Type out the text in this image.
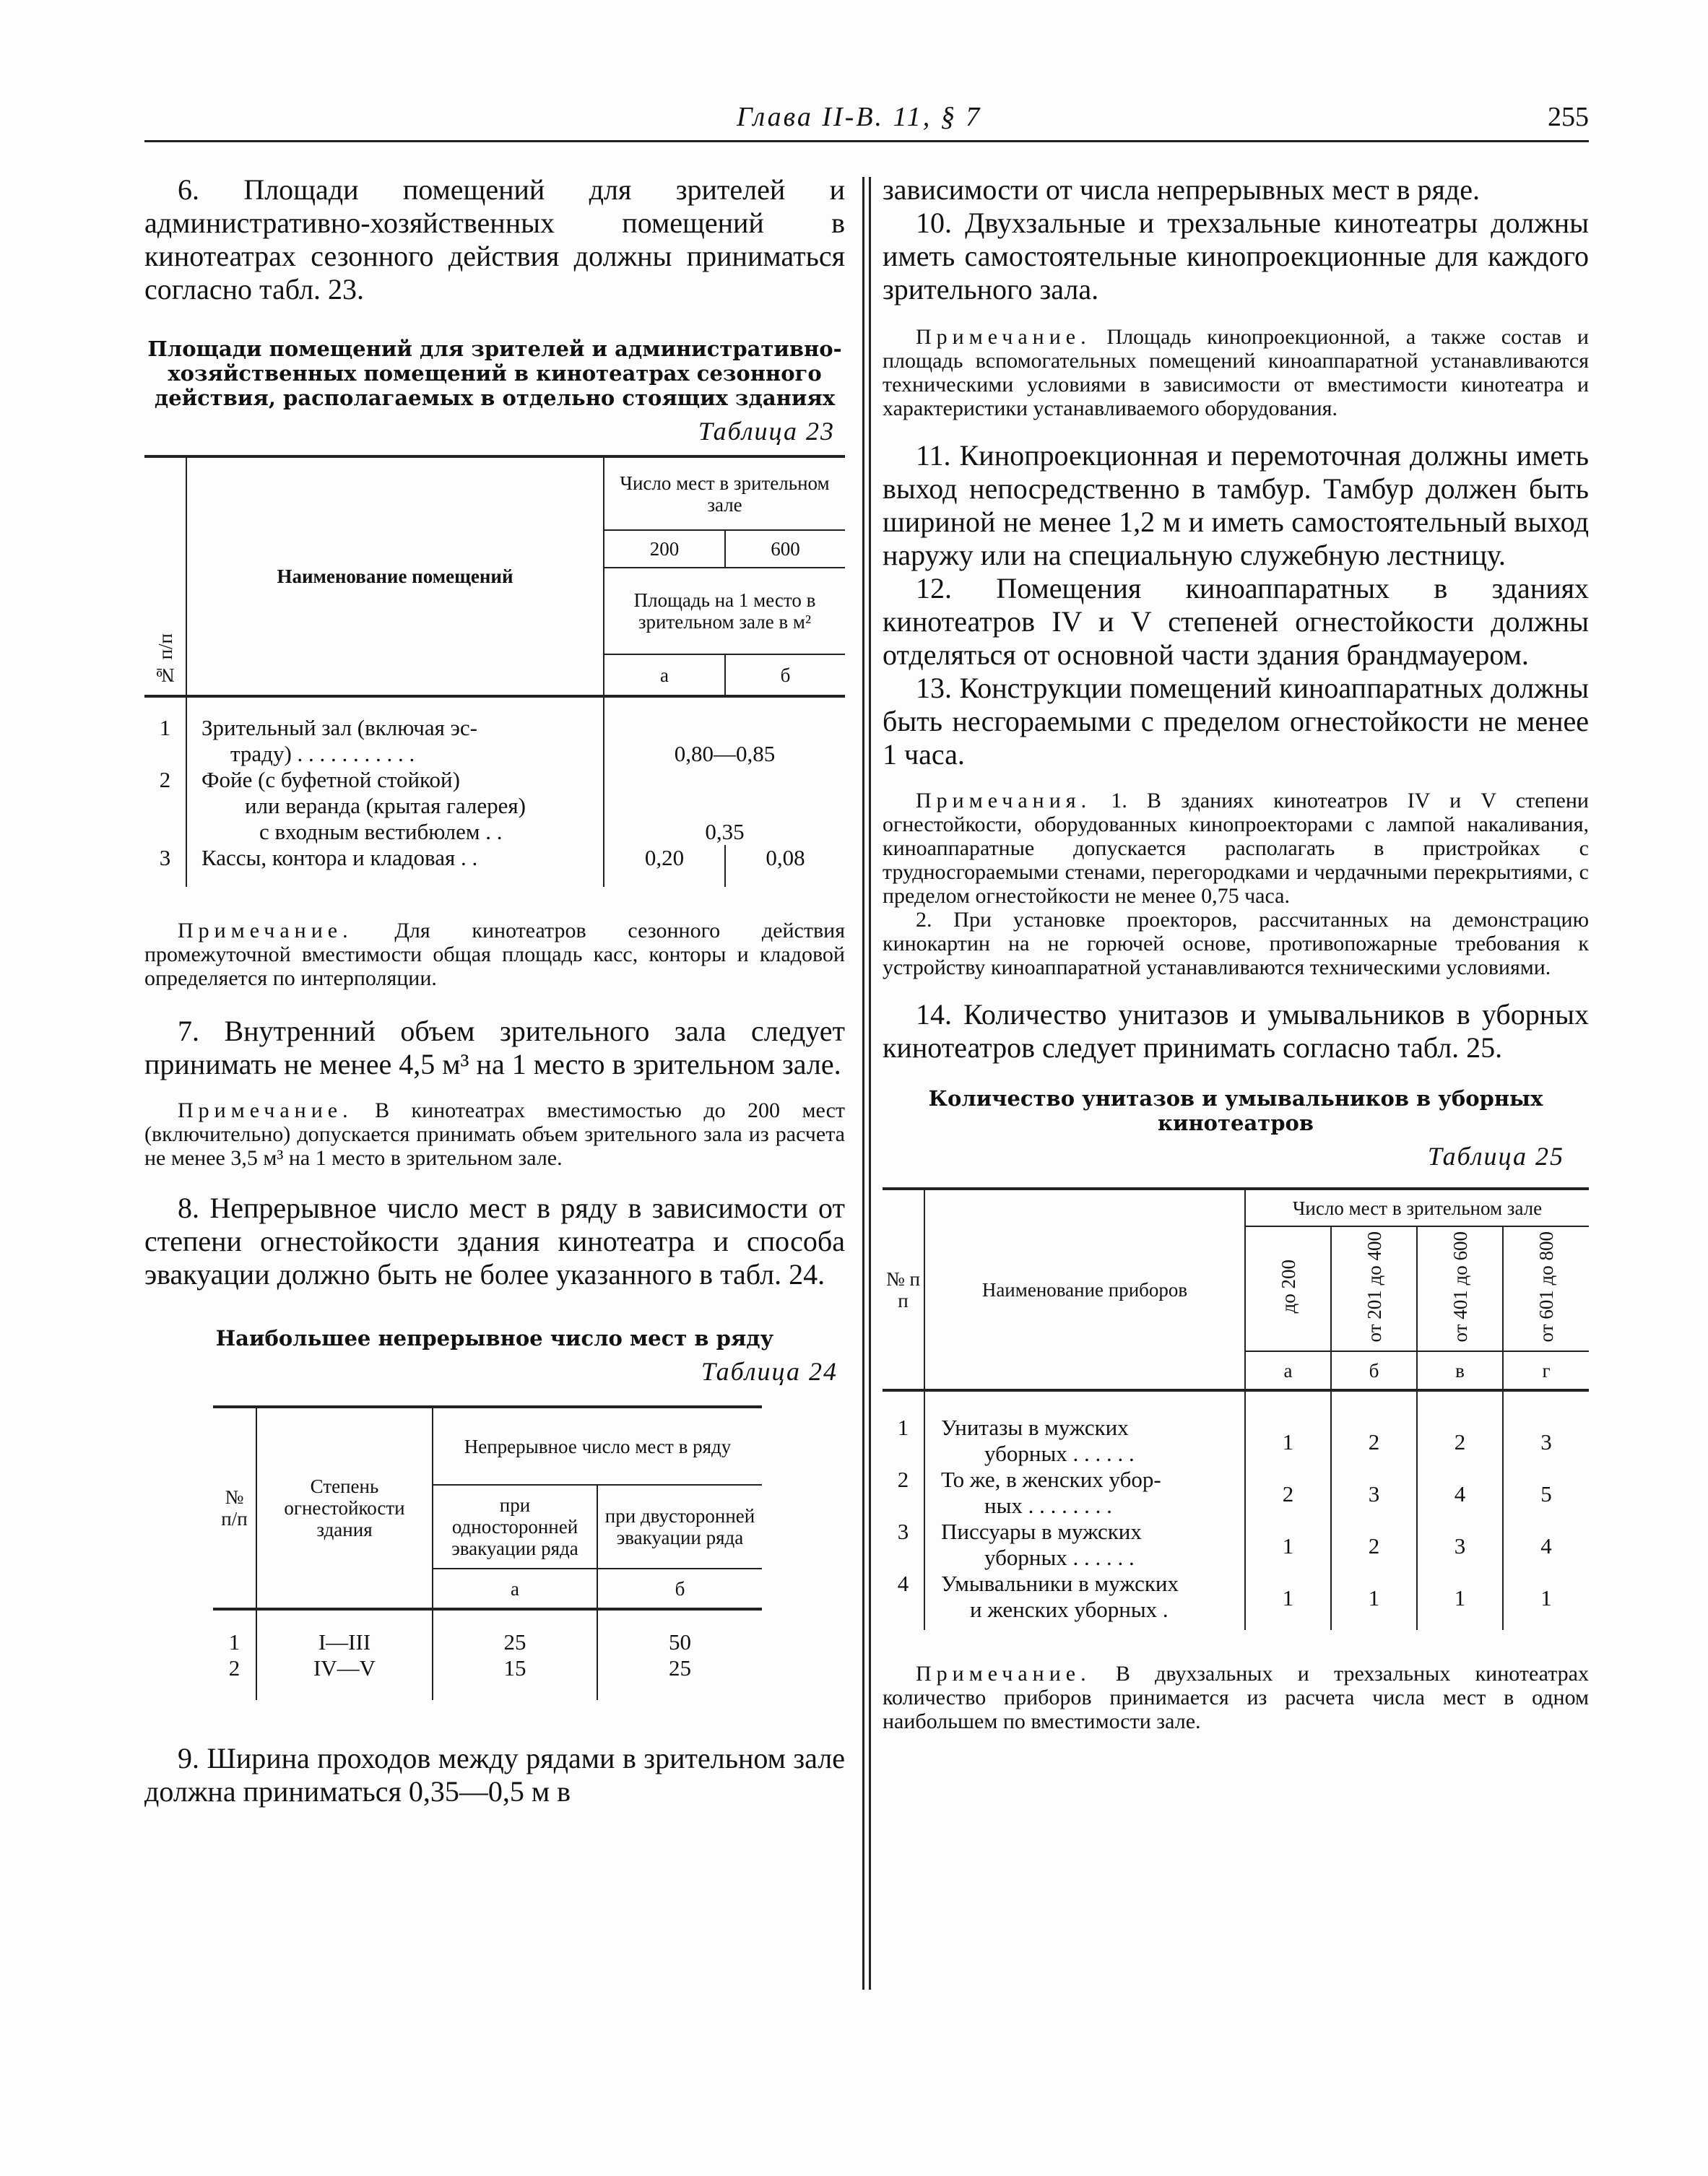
Глава II-В. 11, § 7	255

6. Площади помещений для зрителей и административно-хозяйственных помещений в кинотеатрах сезонного действия должны приниматься согласно табл. 23.

Площади помещений для зрителей и административно-хозяйственных помещений в кинотеатрах сезонного действия, располагаемых в отдельно стоящих зданиях

Таблица 23

№ п/п	Наименование помещений	Число мест в зрительном зале	
		200	600
		Площадь на 1 место в зрительном зале в м²	
		а	б

1	Зрительный зал (включая эс-
траду) . . . . . . . . . . .	0,80—0,85	
2	Фойе (с буфетной стойкой)
или веранда (крытая галерея)
с входным вестибюлем . .	0,35	
3	Кассы, контора и кладовая . .	0,20	0,08

Примечание. Для кинотеатров сезонного действия промежуточной вместимости общая площадь касс, конторы и кладовой определяется по интерполяции.

7. Внутренний объем зрительного зала следует принимать не менее 4,5 м³ на 1 место в зрительном зале.

Примечание. В кинотеатрах вместимостью до 200 мест (включительно) допускается принимать объем зрительного зала из расчета не менее 3,5 м³ на 1 место в зрительном зале.

8. Непрерывное число мест в ряду в зависимости от степени огнестойкости здания кинотеатра и способа эвакуации должно быть не более указанного в табл. 24.

Наибольшее непрерывное число мест в ряду

Таблица 24

№ п/п	Степень огнестойкости здания	Непрерывное число мест в ряду	
		при односторонней эвакуации ряда	при двусторонней эвакуации ряда
		а	б

1	I—III	25	50
2	IV—V	15	25

9. Ширина проходов между рядами в зрительном зале должна приниматься 0,35—0,5 м в

зависимости от числа непрерывных мест в ряде.

10. Двухзальные и трехзальные кинотеатры должны иметь самостоятельные кинопроекционные для каждого зрительного зала.

Примечание. Площадь кинопроекционной, а также состав и площадь вспомогательных помещений киноаппаратной устанавливаются техническими условиями в зависимости от вместимости кинотеатра и характеристики устанавливаемого оборудования.

11. Кинопроекционная и перемоточная должны иметь выход непосредственно в тамбур. Тамбур должен быть шириной не менее 1,2 м и иметь самостоятельный выход наружу или на специальную служебную лестницу.

12. Помещения киноаппаратных в зданиях кинотеатров IV и V степеней огнестойкости должны отделяться от основной части здания брандмауером.

13. Конструкции помещений киноаппаратных должны быть несгораемыми с пределом огнестойкости не менее 1 часа.

Примечания. 1. В зданиях кинотеатров IV и V степени огнестойкости, оборудованных кинопроекторами с лампой накаливания, киноаппаратные допускается располагать в пристройках с трудносгораемыми стенами, перегородками и чердачными перекрытиями, с пределом огнестойкости не менее 0,75 часа.

2. При установке проекторов, рассчитанных на демонстрацию кинокартин на не горючей основе, противопожарные требования к устройству киноаппаратной устанавливаются техническими условиями.

14. Количество унитазов и умывальников в уборных кинотеатров следует принимать согласно табл. 25.

Количество унитазов и умывальников в уборных кинотеатров

Таблица 25

№ п п	Наименование приборов	Число мест в зрительном зале			
		до 200	от 201 до 400	от 401 до 600	от 601 до 800
		а	б	в	г

1	Унитазы в мужских
уборных . . . . . .	1	2	2	3
2	То же, в женских убор-
ных . . . . . . . .	2	3	4	5
3	Писсуары в мужских
уборных . . . . . .	1	2	3	4
4	Умывальники в мужских
и женских уборных .	1	1	1	1

Примечание. В двухзальных и трехзальных кинотеатрах количество приборов принимается из расчета числа мест в одном наибольшем по вместимости зале.
